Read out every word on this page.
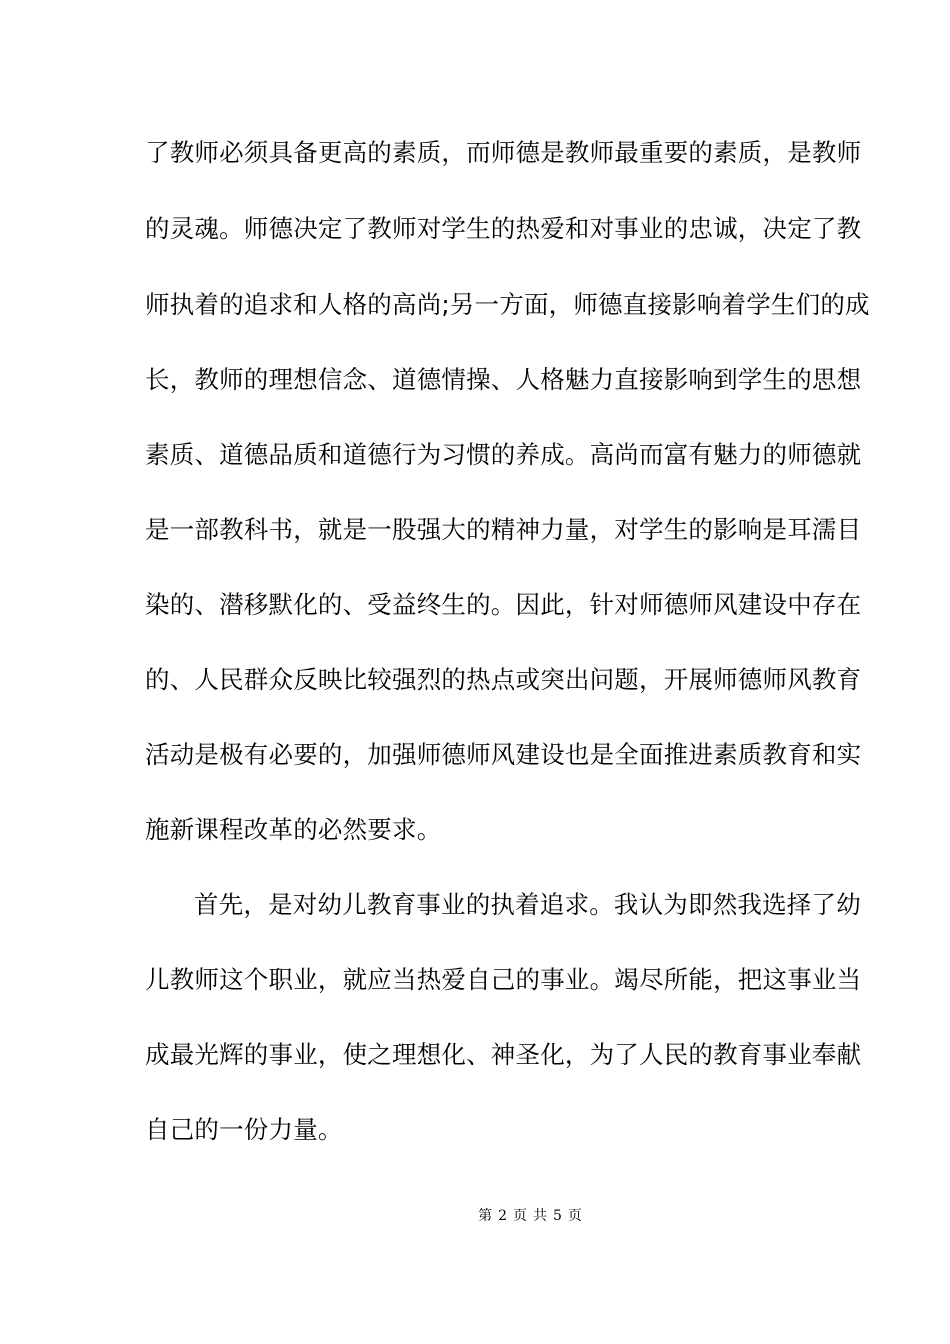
了教师必须具备更高的素质，而师德是教师最重要的素质，是教师
的灵魂。师德决定了教师对学生的热爱和对事业的忠诚，决定了教
师执着的追求和人格的高尚;另一方面，师德直接影响着学生们的成
长，教师的理想信念、道德情操、人格魅力直接影响到学生的思想
素质、道德品质和道德行为习惯的养成。高尚而富有魅力的师德就
是一部教科书，就是一股强大的精神力量，对学生的影响是耳濡目
染的、潜移默化的、受益终生的。因此，针对师德师风建设中存在
的、人民群众反映比较强烈的热点或突出问题，开展师德师风教育
活动是极有必要的，加强师德师风建设也是全面推进素质教育和实
施新课程改革的必然要求。
首先，是对幼儿教育事业的执着追求。我认为即然我选择了幼
儿教师这个职业，就应当热爱自己的事业。竭尽所能，把这事业当
成最光辉的事业，使之理想化、神圣化，为了人民的教育事业奉献
自己的一份力量。
第 2 页 共 5 页
